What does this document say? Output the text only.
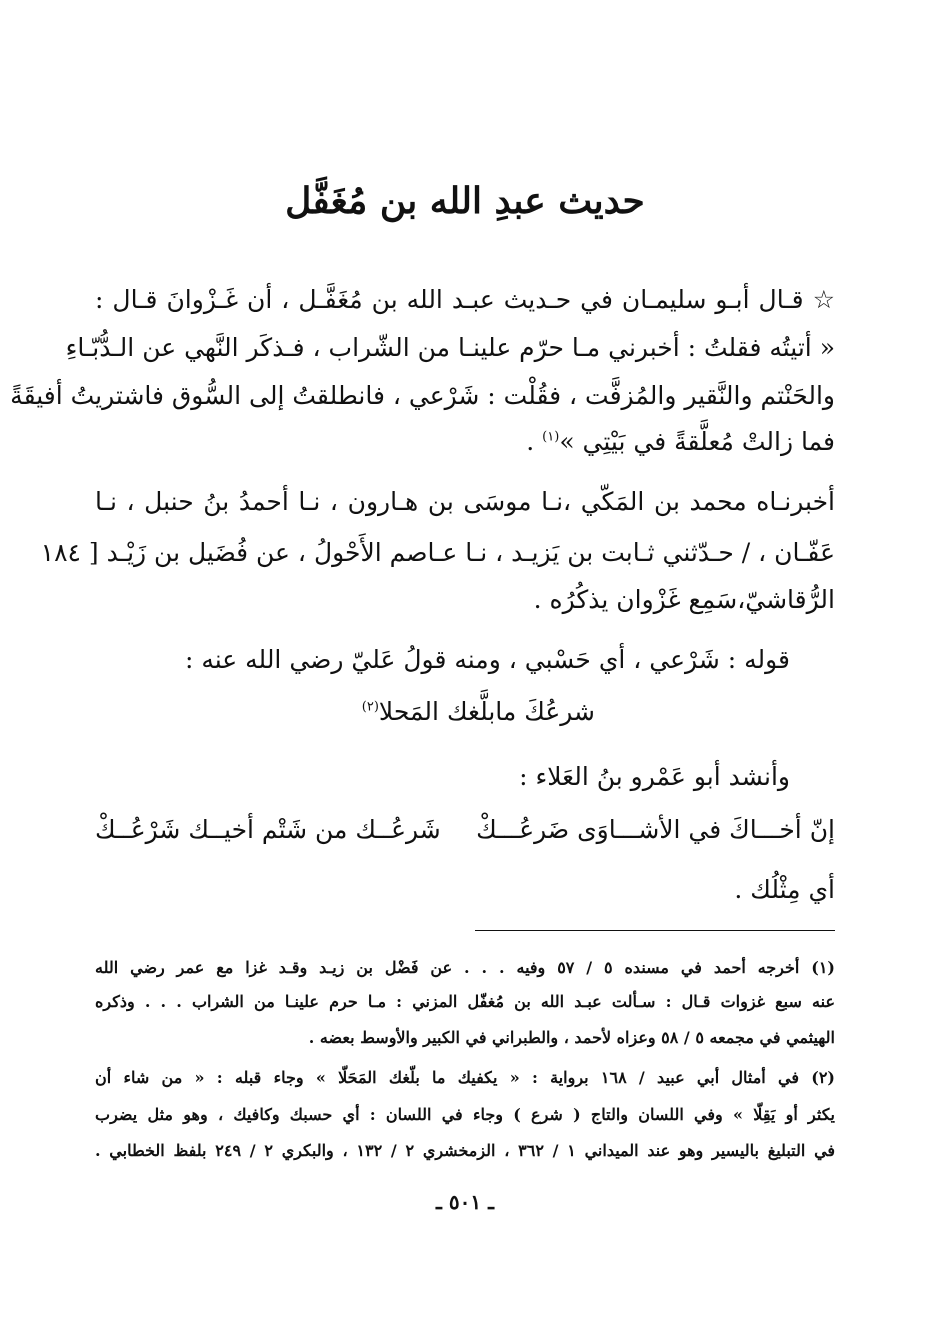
حديث عبدِ الله بن مُغَفَّل
☆ قـال أبـو سليمـان في حـديث عبـد الله بن مُغَفَّـل ، أن غَـزْوانَ قـال :
« أتيتُه فقلتُ : أخبرني مـا حرّم علينـا من الشّراب ، فـذكَر النَّهي عن الـدُّبّـاءِ
والحَنْتم والنَّقير والمُزفَّت ، فقُلْت : شَرْعي ، فانطلقتُ إلى السُّوق فاشتريتُ أفيقَةً
فما زالتْ مُعلَّقةً في بَيْتِي »$^{(١)}$ .
أخبرنـاه محمد بن المَكّي ،نـا موسَى بن هـارون ، نـا أحمدُ بنُ حنبل ، نـا
عَفّـان ، / حـدّثني ثـابت بن يَزيـد ، نـا عـاصم الأَحْولُ ، عن فُضَيل بن زَيْـد [ ١٨٤
الرُّقاشيّ،سَمِع غَزْوان يذكُرُه .
قوله : شَرْعي ، أي حَسْبي ، ومنه قولُ عَليّ رضي الله عنه :
شرعُكَ مابلَّغك المَحلا$^{(٢)}$
وأنشد أبو عَمْرو بنُ العَلاء :
إنّ أخـــاكَ في الأشـــاوَى ضَرعُـــكْ
شَرعُــك من شَتْم أخيــك شَرْعُــكْ
أي مِثْلُك .
(١) أخرجه أحمد في مسنده ٥ / ٥٧ وفيه . . . عن فَضْل بن زيـد وقـد غزا مع عمر رضي الله
عنه سبع غزوات قـال : سـألت عبـد الله بن مُغفّل المزني : مـا حرم علينـا من الشراب . . . وذكره
الهيثمي في مجمعه ٥ / ٥٨ وعزاه لأحمد ، والطبراني في الكبير والأوسط بعضه .
(٢) في أمثال أبي عبيد / ١٦٨ برواية : « يكفيك ما بلّغك المَحَلّا » وجاء قبله : « من شاء أن
يكثر أو يَقِلّا » وفي اللسان والتاج ( شرع ) وجاء في اللسان : أي حسبك وكافيك ، وهو مثل يضرب
في التبليغ باليسير وهو عند الميداني ١ / ٣٦٢ ، الزمخشري ٢ / ١٣٢ ، والبكري ٢ / ٢٤٩ بلفظ الخطابي .
ـ ٥٠١ ـ
